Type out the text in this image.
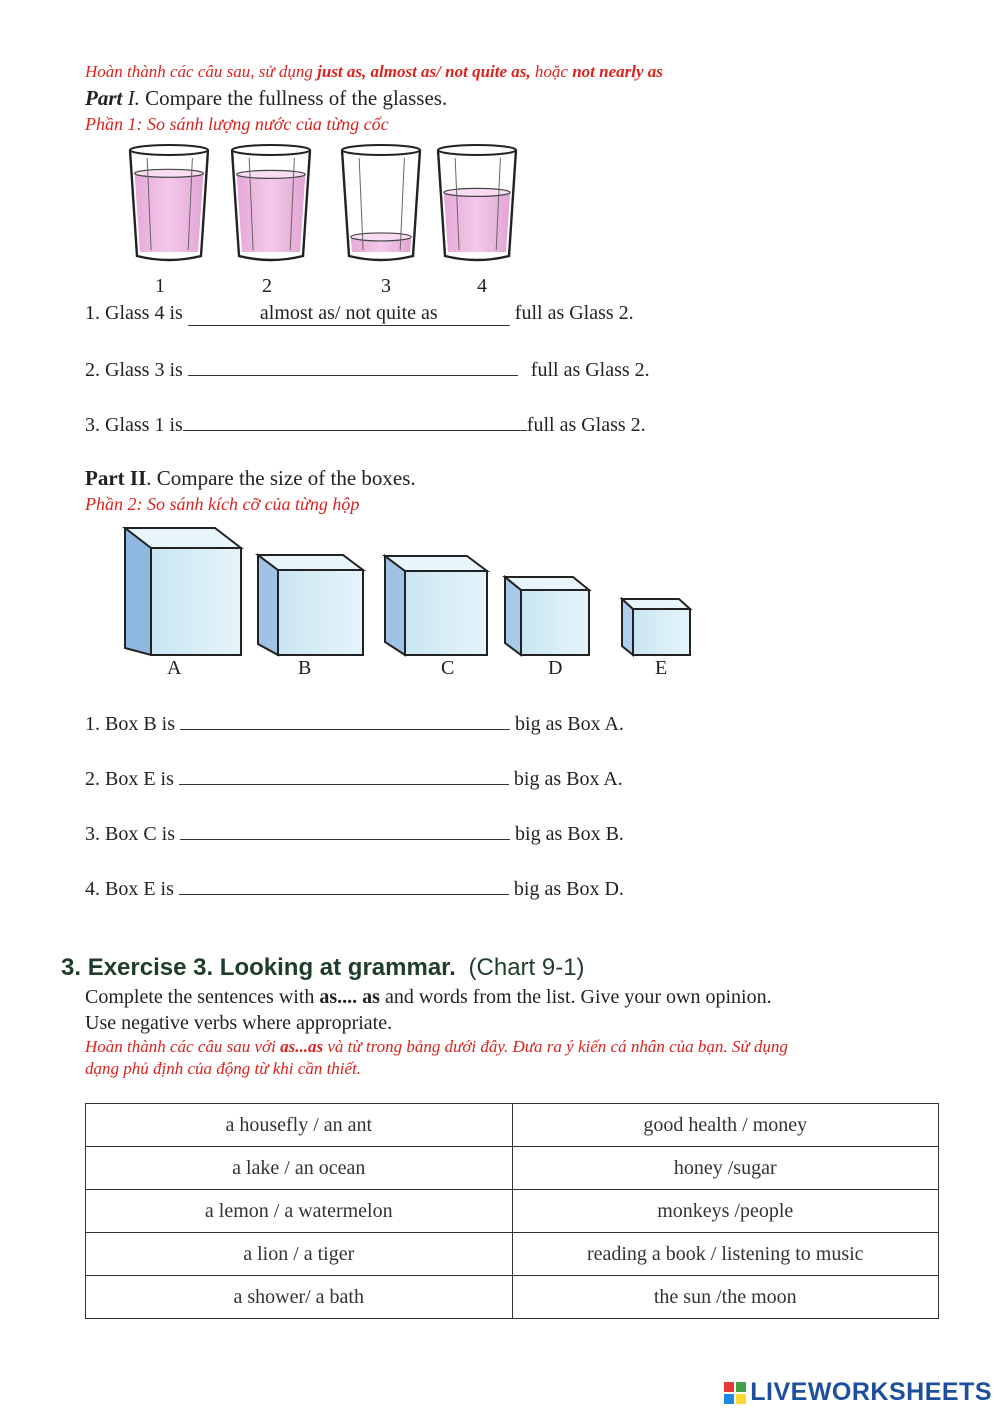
Hoàn thành các câu sau, sử dụng just as, almost as/ not quite as, hoặc not nearly as
Part I. Compare the fullness of the glasses.
Phần 1: So sánh lượng nước của từng cốc
1	2	3	4
1. Glass 4 is	almost as/ not quite as	full as Glass 2.
2. Glass 3 is	full as Glass 2.
3. Glass 1 is	full as Glass 2.
Part II. Compare the size of the boxes.
Phần 2: So sánh kích cỡ của từng hộp
A	B	C	D	E
1. Box B is	big as Box A.
2. Box E is	big as Box A.
3. Box C is	big as Box B.
4. Box E is	big as Box D.
3. Exercise 3. Looking at grammar. (Chart 9-1)
Complete the sentences with as.... as and words from the list. Give your own opinion.
Use negative verbs where appropriate.
Hoàn thành các câu sau với as...as và từ trong bảng dưới đây. Đưa ra ý kiến cá nhân của bạn. Sử dụng
dạng phủ định của động từ khi cần thiết.
a housefly / an ant	good health / money
a lake / an ocean	honey /sugar
a lemon / a watermelon	monkeys /people
a lion / a tiger	reading a book / listening to music
a shower/ a bath	the sun /the moon
LIVEWORKSHEETS
